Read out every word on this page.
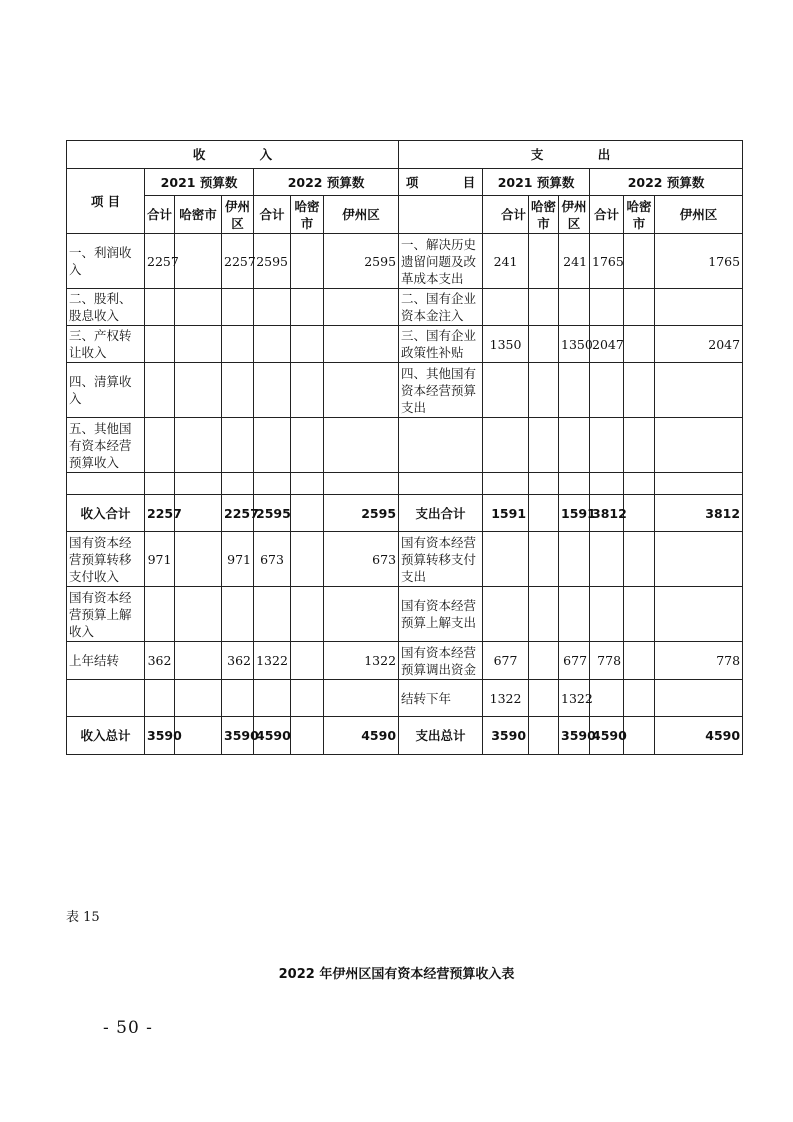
收 入							支 出						
项 目	2021 预算数			2022 预算数			项 目	2021 预算数			2022 预算数		
	合计	哈密市	伊州区	合计	哈密市	伊州区		合计	哈密市	伊州区	合计	哈密市	伊州区
一、利润收入	2257		2257	2595		2595	一、解决历史遗留问题及改革成本支出	241		241	1765		1765
二、股利、股息收入							二、国有企业资本金注入						
三、产权转让收入							三、国有企业政策性补贴	1350		1350	2047		2047
四、清算收入							四、其他国有资本经营预算支出						
五、其他国有资本经营预算收入													

收入合计	2257		2257	2595		2595	支出合计	1591		1591	3812		3812
国有资本经营预算转移支付收入	971		971	673		673	国有资本经营预算转移支付支出						
国有资本经营预算上解收入							国有资本经营预算上解支出						
上年结转	362		362	1322		1322	国有资本经营预算调出资金	677		677	778		778
							结转下年	1322		1322			
收入总计	3590		3590	4590		4590	支出总计	3590		3590	4590		4590
表 15
2022 年伊州区国有资本经营预算收入表
- 50 -
